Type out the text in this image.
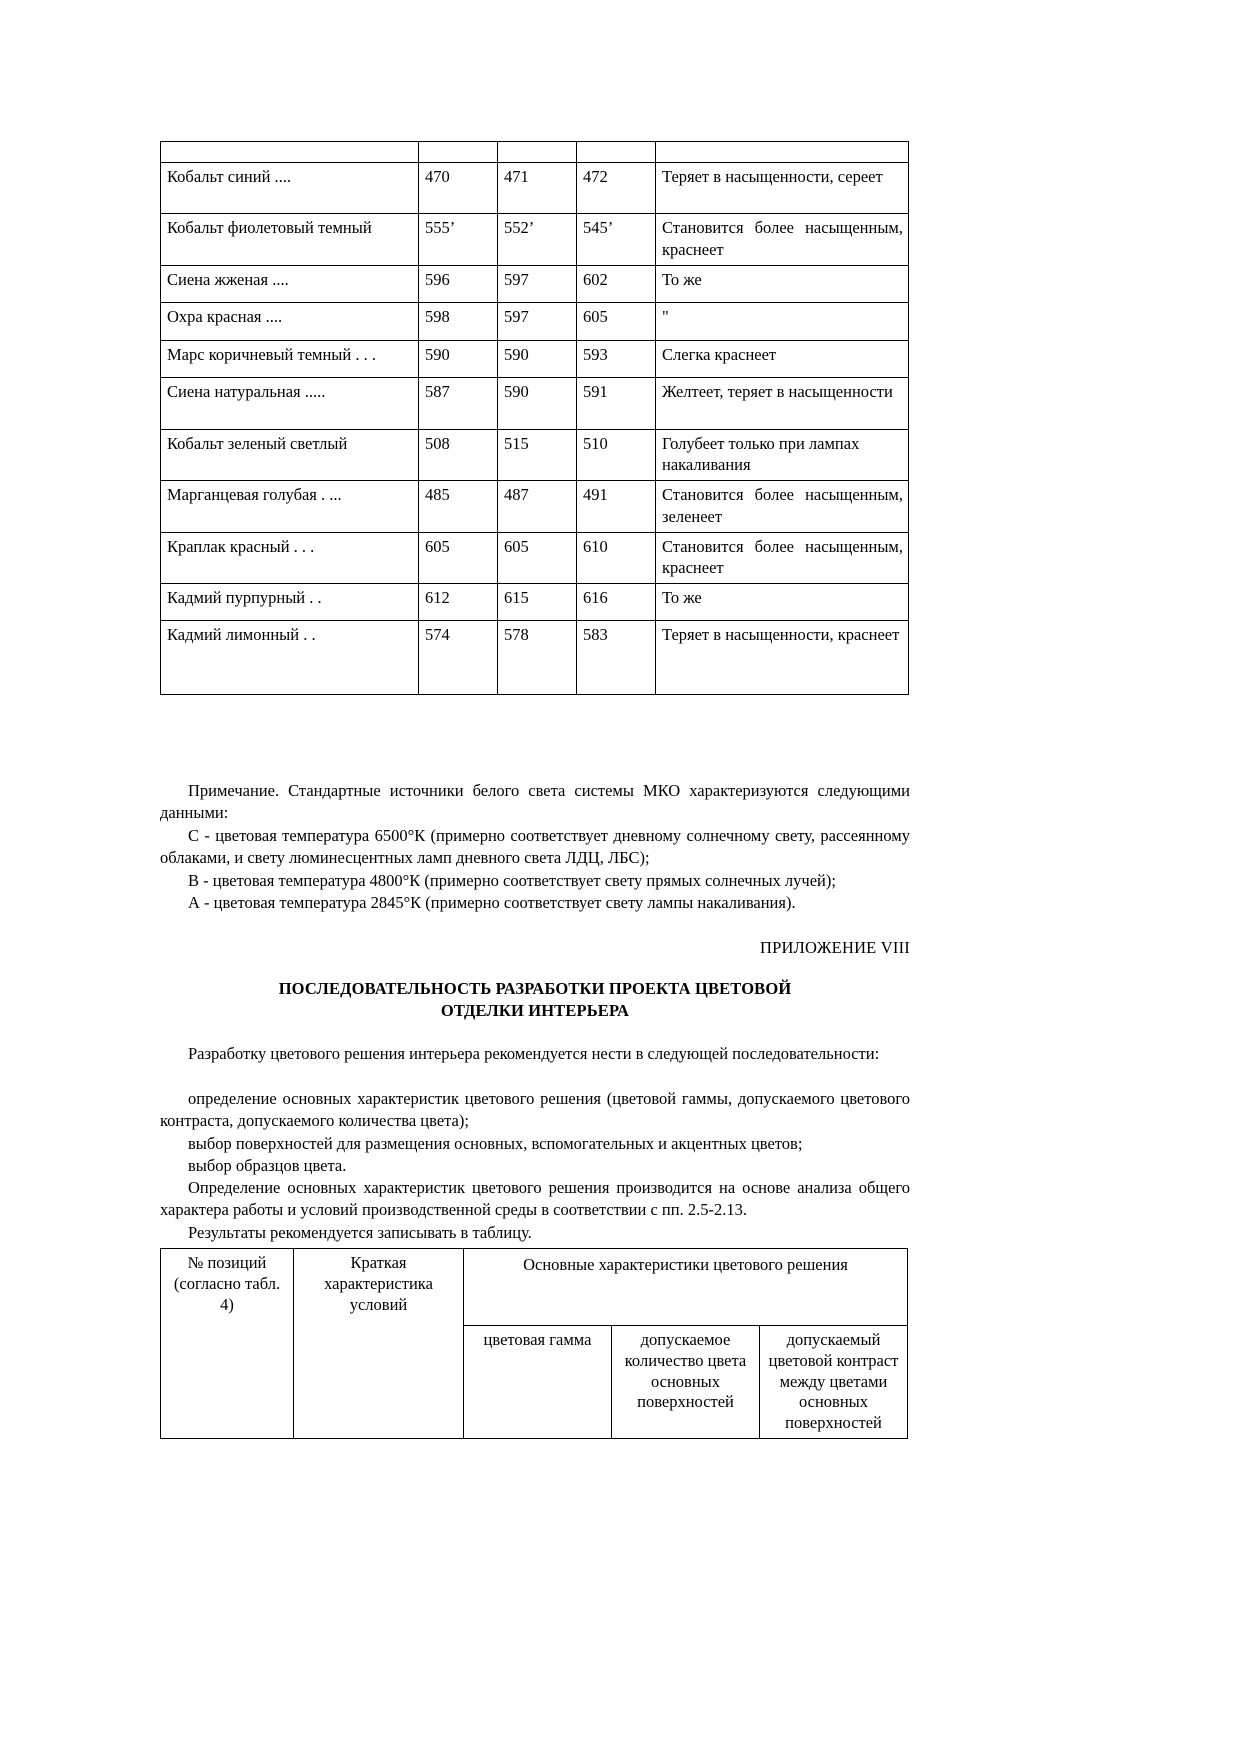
Кобальт синий ....	470	471	472	Теряет в насыщенности, сереет
Кобальт фиолетовый темный	555’	552’	545’	Становится более насыщенным, краснеет
Сиена жженая ....	596	597	602	То же
Охра красная ....	598	597	605	"
Марс коричневый темный . . .	590	590	593	Слегка краснеет
Сиена натуральная .....	587	590	591	Желтеет, теряет в насыщенности
Кобальт зеленый светлый	508	515	510	Голубеет только при лампах накаливания
Марганцевая голубая . ...	485	487	491	Становится более насыщенным, зеленеет
Краплак красный . . .	605	605	610	Становится более насыщенным, краснеет
Кадмий пурпурный . .	612	615	616	То же
Кадмий лимонный . .	574	578	583	Теряет в насыщенности, краснеет
Примечание. Стандартные источники белого света системы МКО характеризуются следующими данными:
С - цветовая температура 6500°К (примерно соответствует дневному солнечному свету, рассеянному облаками, и свету люминесцентных ламп дневного света ЛДЦ, ЛБС);
В - цветовая температура 4800°К (примерно соответствует свету прямых солнечных лучей);
А - цветовая температура 2845°К (примерно соответствует свету лампы накаливания).
ПРИЛОЖЕНИЕ VIII
ПОСЛЕДОВАТЕЛЬНОСТЬ РАЗРАБОТКИ ПРОЕКТА ЦВЕТОВОЙ
ОТДЕЛКИ ИНТЕРЬЕРА
Разработку цветового решения интерьера рекомендуется нести в следующей последовательности:
определение основных характеристик цветового решения (цветовой гаммы, допускаемого цветового контраста, допускаемого количества цвета);
выбор поверхностей для размещения основных, вспомогательных и акцентных цветов;
выбор образцов цвета.
Определение основных характеристик цветового решения производится на основе анализа общего характера работы и условий производственной среды в соответствии с пп. 2.5-2.13.
Результаты рекомендуется записывать в таблицу.
№ позиций (согласно табл. 4)	Краткая характеристика условий	Основные характеристики цветового решения		
		цветовая гамма	допускаемое количество цвета основных поверхностей	допускаемый цветовой контраст между цветами основных поверхностей
